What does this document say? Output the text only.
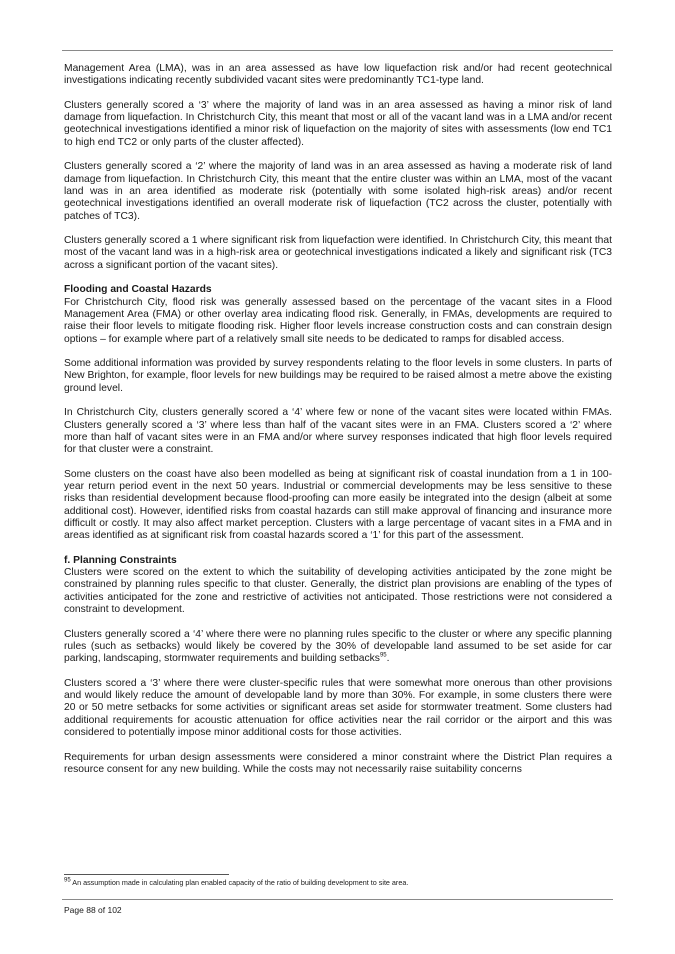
Management Area (LMA), was in an area assessed as have low liquefaction risk and/or had recent geotechnical investigations indicating recently subdivided vacant sites were predominantly TC1-type land.

Clusters generally scored a ‘3’ where the majority of land was in an area assessed as having a minor risk of land damage from liquefaction. In Christchurch City, this meant that most or all of the vacant land was in a LMA and/or recent geotechnical investigations identified a minor risk of liquefaction on the majority of sites with assessments (low end TC1 to high end TC2 or only parts of the cluster affected).

Clusters generally scored a ‘2’ where the majority of land was in an area assessed as having a moderate risk of land damage from liquefaction. In Christchurch City, this meant that the entire cluster was within an LMA, most of the vacant land was in an area identified as moderate risk (potentially with some isolated high-risk areas) and/or recent geotechnical investigations identified an overall moderate risk of liquefaction (TC2 across the cluster, potentially with patches of TC3).

Clusters generally scored a 1 where significant risk from liquefaction were identified. In Christchurch City, this meant that most of the vacant land was in a high-risk area or geotechnical investigations indicated a likely and significant risk (TC3 across a significant portion of the vacant sites).

Flooding and Coastal Hazards

For Christchurch City, flood risk was generally assessed based on the percentage of the vacant sites in a Flood Management Area (FMA) or other overlay area indicating flood risk. Generally, in FMAs, developments are required to raise their floor levels to mitigate flooding risk. Higher floor levels increase construction costs and can constrain design options – for example where part of a relatively small site needs to be dedicated to ramps for disabled access.

Some additional information was provided by survey respondents relating to the floor levels in some clusters. In parts of New Brighton, for example, floor levels for new buildings may be required to be raised almost a metre above the existing ground level.

In Christchurch City, clusters generally scored a ‘4’ where few or none of the vacant sites were located within FMAs. Clusters generally scored a ‘3’ where less than half of the vacant sites were in an FMA. Clusters scored a ‘2’ where more than half of vacant sites were in an FMA and/or where survey responses indicated that high floor levels required for that cluster were a constraint.

Some clusters on the coast have also been modelled as being at significant risk of coastal inundation from a 1 in 100-year return period event in the next 50 years. Industrial or commercial developments may be less sensitive to these risks than residential development because flood-proofing can more easily be integrated into the design (albeit at some additional cost). However, identified risks from coastal hazards can still make approval of financing and insurance more difficult or costly. It may also affect market perception. Clusters with a large percentage of vacant sites in a FMA and in areas identified as at significant risk from coastal hazards scored a ‘1’ for this part of the assessment.

f. Planning Constraints

Clusters were scored on the extent to which the suitability of developing activities anticipated by the zone might be constrained by planning rules specific to that cluster. Generally, the district plan provisions are enabling of the types of activities anticipated for the zone and restrictive of activities not anticipated. Those restrictions were not considered a constraint to development.

Clusters generally scored a ‘4’ where there were no planning rules specific to the cluster or where any specific planning rules (such as setbacks) would likely be covered by the 30% of developable land assumed to be set aside for car parking, landscaping, stormwater requirements and building setbacks$^{95}$.

Clusters scored a ‘3’ where there were cluster-specific rules that were somewhat more onerous than other provisions and would likely reduce the amount of developable land by more than 30%. For example, in some clusters there were 20 or 50 metre setbacks for some activities or significant areas set aside for stormwater treatment. Some clusters had additional requirements for acoustic attenuation for office activities near the rail corridor or the airport and this was considered to potentially impose minor additional costs for those activities.

Requirements for urban design assessments were considered a minor constraint where the District Plan requires a resource consent for any new building. While the costs may not necessarily raise suitability concerns

$^{95}$ An assumption made in calculating plan enabled capacity of the ratio of building development to site area.
Page 88 of 102
